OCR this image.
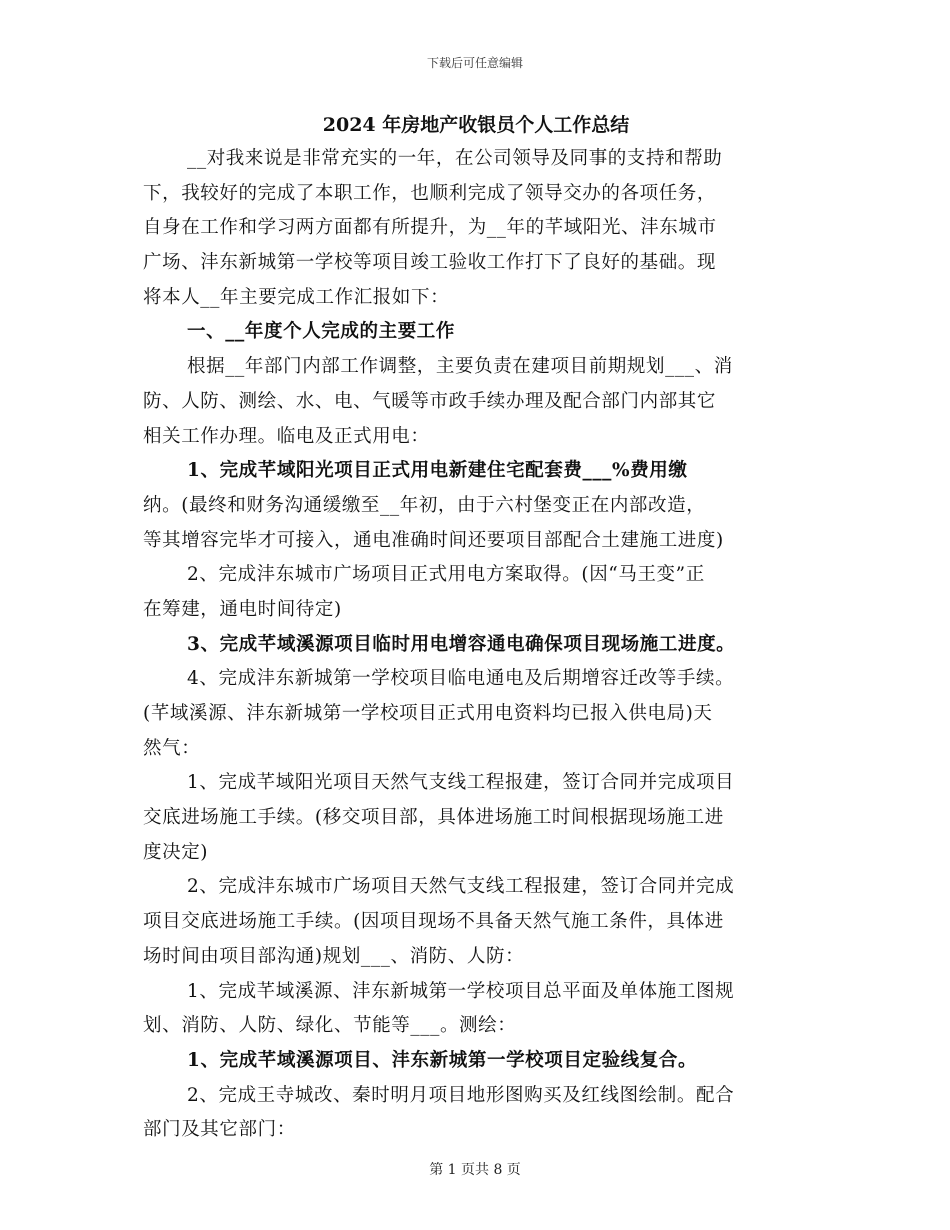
下载后可任意编辑
2024 年房地产收银员个人工作总结
__对我来说是非常充实的一年，在公司领导及同事的支持和帮助
下，我较好的完成了本职工作，也顺利完成了领导交办的各项任务，
自身在工作和学习两方面都有所提升，为__年的芊域阳光、沣东城市
广场、沣东新城第一学校等项目竣工验收工作打下了良好的基础。现
将本人__年主要完成工作汇报如下：
一、__年度个人完成的主要工作
根据__年部门内部工作调整，主要负责在建项目前期规划___、消
防、人防、测绘、水、电、气暖等市政手续办理及配合部门内部其它
相关工作办理。临电及正式用电：
1、完成芊域阳光项目正式用电新建住宅配套费___%费用缴
纳。(最终和财务沟通缓缴至__年初，由于六村堡变正在内部改造，
等其增容完毕才可接入，通电准确时间还要项目部配合土建施工进度)
2、完成沣东城市广场项目正式用电方案取得。(因“马王变”正
在筹建，通电时间待定)
3、完成芊域溪源项目临时用电增容通电确保项目现场施工进度。
4、完成沣东新城第一学校项目临电通电及后期增容迁改等手续。
(芊域溪源、沣东新城第一学校项目正式用电资料均已报入供电局)天
然气：
1、完成芊域阳光项目天然气支线工程报建，签订合同并完成项目
交底进场施工手续。(移交项目部，具体进场施工时间根据现场施工进
度决定)
2、完成沣东城市广场项目天然气支线工程报建，签订合同并完成
项目交底进场施工手续。(因项目现场不具备天然气施工条件，具体进
场时间由项目部沟通)规划___、消防、人防：
1、完成芊域溪源、沣东新城第一学校项目总平面及单体施工图规
划、消防、人防、绿化、节能等___。测绘：
1、完成芊域溪源项目、沣东新城第一学校项目定验线复合。
2、完成王寺城改、秦时明月项目地形图购买及红线图绘制。配合
部门及其它部门：
第 1 页共 8 页
